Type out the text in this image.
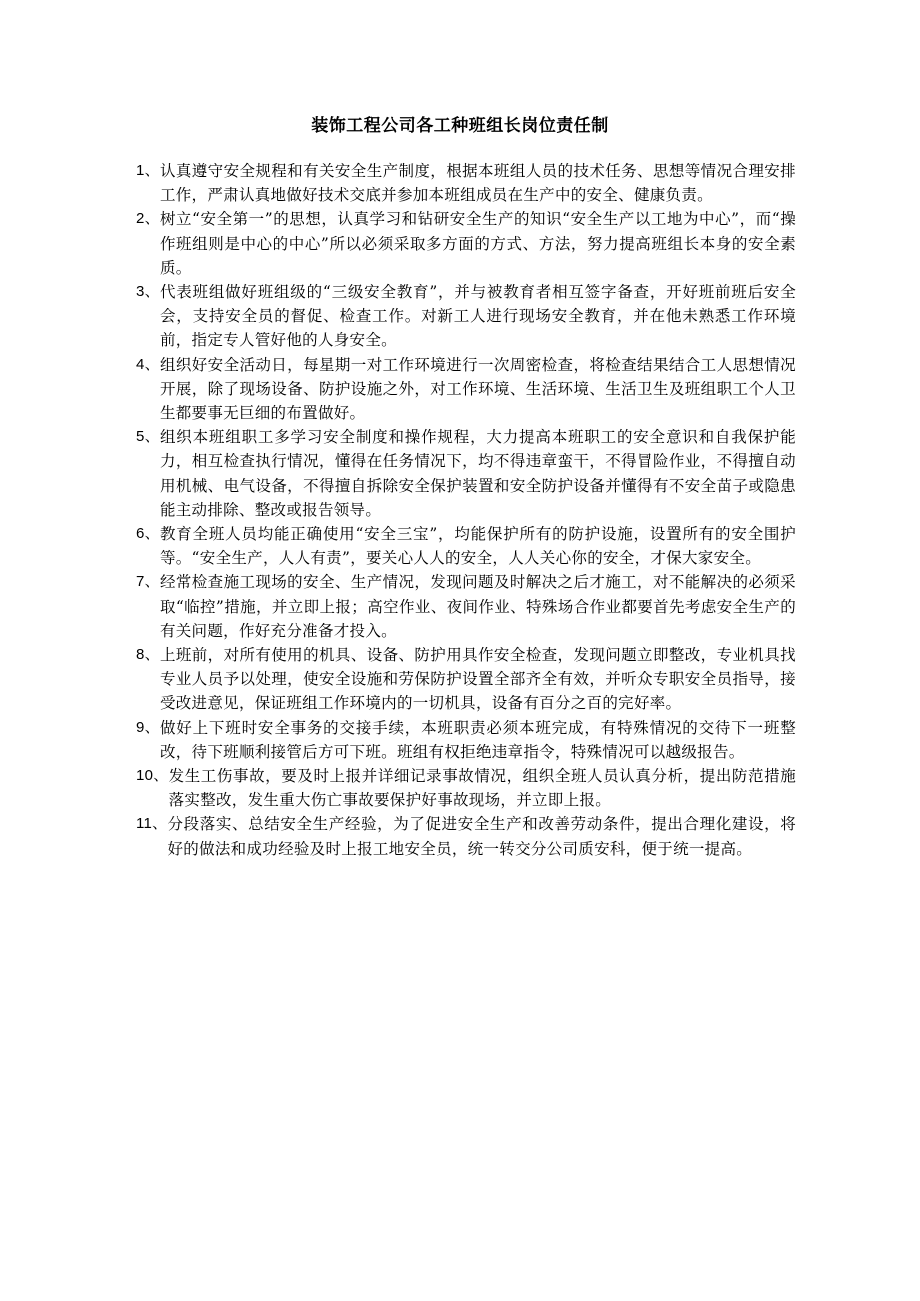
装饰工程公司各工种班组长岗位责任制
1、 认真遵守安全规程和有关安全生产制度，根据本班组人员的技术任务、思想等情况合理安排工作，严肃认真地做好技术交底并参加本班组成员在生产中的安全、健康负责。
2、 树立“安全第一”的思想，认真学习和钻研安全生产的知识“安全生产以工地为中心”，而“操作班组则是中心的中心”所以必须采取多方面的方式、方法，努力提高班组长本身的安全素质。
3、 代表班组做好班组级的“三级安全教育”，并与被教育者相互签字备查，开好班前班后安全会，支持安全员的督促、检查工作。对新工人进行现场安全教育，并在他未熟悉工作环境前，指定专人管好他的人身安全。
4、 组织好安全活动日，每星期一对工作环境进行一次周密检查，将检查结果结合工人思想情况开展，除了现场设备、防护设施之外，对工作环境、生活环境、生活卫生及班组职工个人卫生都要事无巨细的布置做好。
5、 组织本班组职工多学习安全制度和操作规程，大力提高本班职工的安全意识和自我保护能力，相互检查执行情况，懂得在任务情况下，均不得违章蛮干，不得冒险作业，不得擅自动用机械、电气设备，不得擅自拆除安全保护装置和安全防护设备并懂得有不安全苗子或隐患能主动排除、整改或报告领导。
6、 教育全班人员均能正确使用“安全三宝”，均能保护所有的防护设施，设置所有的安全围护等。“安全生产，人人有责”，要关心人人的安全，人人关心你的安全，才保大家安全。
7、 经常检查施工现场的安全、生产情况，发现问题及时解决之后才施工，对不能解决的必须采取“临控”措施，并立即上报；高空作业、夜间作业、特殊场合作业都要首先考虑安全生产的有关问题，作好充分准备才投入。
8、 上班前，对所有使用的机具、设备、防护用具作安全检查，发现问题立即整改，专业机具找专业人员予以处理，使安全设施和劳保防护设置全部齐全有效，并听众专职安全员指导，接受改进意见，保证班组工作环境内的一切机具，设备有百分之百的完好率。
9、 做好上下班时安全事务的交接手续，本班职责必须本班完成，有特殊情况的交待下一班整改，待下班顺利接管后方可下班。班组有权拒绝违章指令，特殊情况可以越级报告。
10、 发生工伤事故，要及时上报并详细记录事故情况，组织全班人员认真分析，提出防范措施落实整改，发生重大伤亡事故要保护好事故现场，并立即上报。
11、 分段落实、总结安全生产经验，为了促进安全生产和改善劳动条件，提出合理化建设，将好的做法和成功经验及时上报工地安全员，统一转交分公司质安科，便于统一提高。
